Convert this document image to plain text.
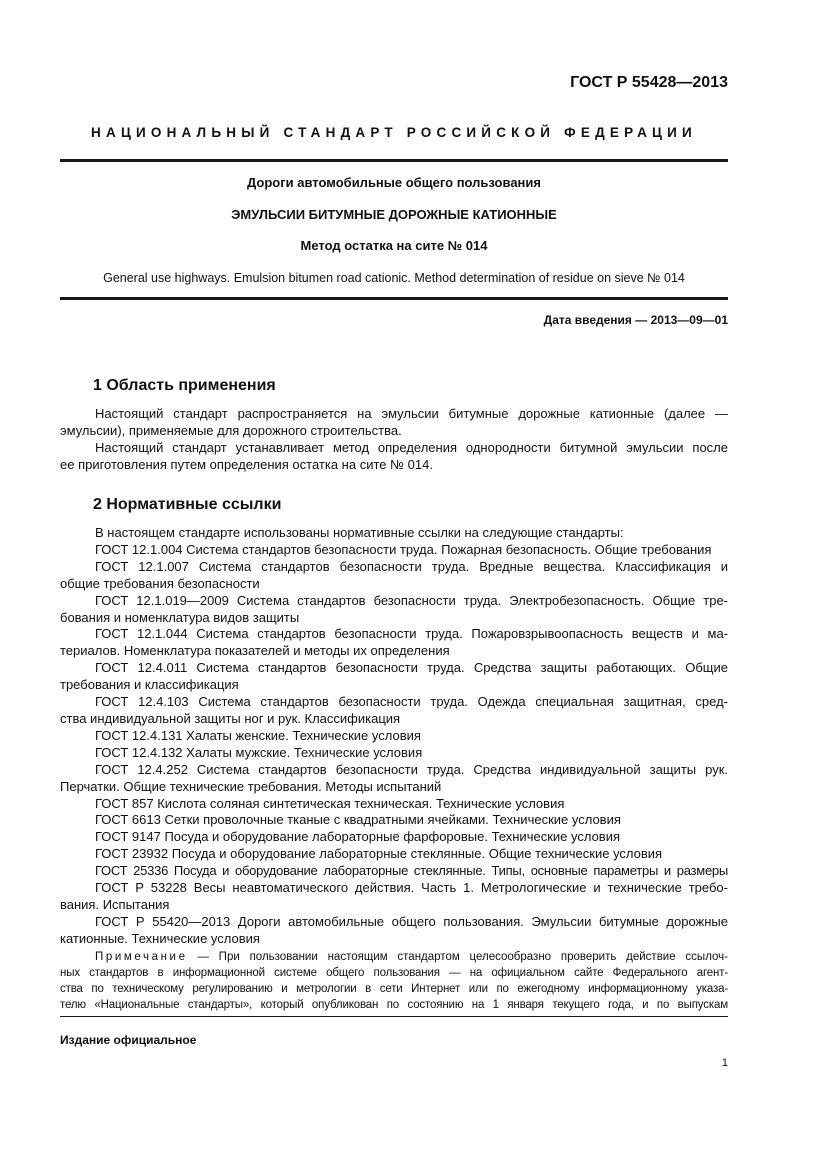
ГОСТ Р 55428—2013
НАЦИОНАЛЬНЫЙ СТАНДАРТ РОССИЙСКОЙ ФЕДЕРАЦИИ
Дороги автомобильные общего пользования
ЭМУЛЬСИИ БИТУМНЫЕ ДОРОЖНЫЕ КАТИОННЫЕ
Метод остатка на сите № 014
General use highways. Emulsion bitumen road cationic. Method determination of residue on sieve № 014
Дата введения — 2013—09—01
1 Область применения

Настоящий стандарт распространяется на эмульсии битумные дорожные катионные (далее —

эмульсии), применяемые для дорожного строительства.

Настоящий стандарт устанавливает метод определения однородности битумной эмульсии после

ее приготовления путем определения остатка на сите № 014.

2 Нормативные ссылки

В настоящем стандарте использованы нормативные ссылки на следующие стандарты:

ГОСТ 12.1.004 Система стандартов безопасности труда. Пожарная безопасность. Общие требования

ГОСТ 12.1.007 Система стандартов безопасности труда. Вредные вещества. Классификация и

общие требования безопасности

ГОСТ 12.1.019—2009 Система стандартов безопасности труда. Электробезопасность. Общие тре-

бования и номенклатура видов защиты

ГОСТ 12.1.044 Система стандартов безопасности труда. Пожаровзрывоопасность веществ и ма-

териалов. Номенклатура показателей и методы их определения

ГОСТ 12.4.011 Система стандартов безопасности труда. Средства защиты работающих. Общие

требования и классификация

ГОСТ 12.4.103 Система стандартов безопасности труда. Одежда специальная защитная, сред-

ства индивидуальной защиты ног и рук. Классификация

ГОСТ 12.4.131 Халаты женские. Технические условия

ГОСТ 12.4.132 Халаты мужские. Технические условия

ГОСТ 12.4.252 Система стандартов безопасности труда. Средства индивидуальной защиты рук.

Перчатки. Общие технические требования. Методы испытаний

ГОСТ 857 Кислота соляная синтетическая техническая. Технические условия

ГОСТ 6613 Сетки проволочные тканые с квадратными ячейками. Технические условия

ГОСТ 9147 Посуда и оборудование лабораторные фарфоровые. Технические условия

ГОСТ 23932 Посуда и оборудование лабораторные стеклянные. Общие технические условия

ГОСТ 25336 Посуда и оборудование лабораторные стеклянные. Типы, основные параметры и размеры

ГОСТ Р 53228 Весы неавтоматического действия. Часть 1. Метрологические и технические требо-

вания. Испытания

ГОСТ Р 55420—2013 Дороги автомобильные общего пользования. Эмульсии битумные дорожные

катионные. Технические условия

Примечание — При пользовании настоящим стандартом целесообразно проверить действие ссылоч-

ных стандартов в информационной системе общего пользования — на официальном сайте Федерального агент-

ства по техническому регулированию и метрологии в сети Интернет или по ежегодному информационному указа-

телю «Национальные стандарты», который опубликован по состоянию на 1 января текущего года, и по выпускам

Издание официальное
1
